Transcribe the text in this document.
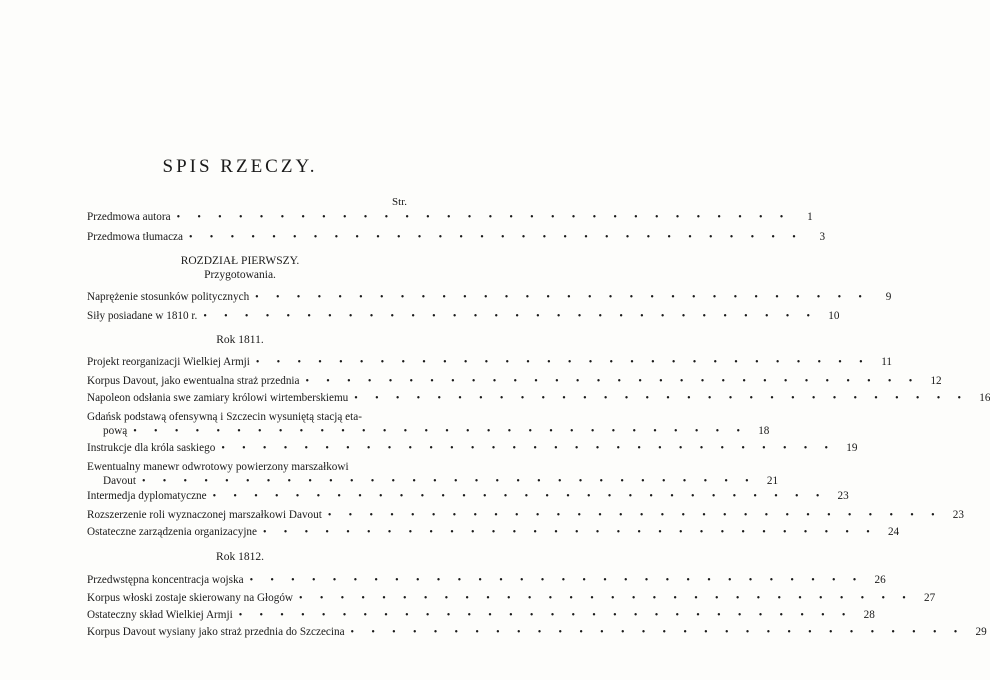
SPIS RZECZY.
Str.
Przedmowa autora • • • • • • • • • • • • • • • • • • • • • • • • • • • • • •	1
Przedmowa tłumacza • • • • • • • • • • • • • • • • • • • • • • • • • • • • • •	3
ROZDZIAŁ PIERWSZY.
Przygotowania.
Naprężenie stosunków politycznych • • • • • • • • • • • • • • • • • • • • • • • • • • • • • •	9
Siły posiadane w 1810 r. • • • • • • • • • • • • • • • • • • • • • • • • • • • • • • 10
Rok 1811.
Projekt reorganizacji Wielkiej Armji • • • • • • • • • • • • • • • • • • • • • • • • • • • • • •	11
Korpus Davout, jako ewentualna straż przednia • • • • • • • • • • • • • • • • • • • • • • • • • • • • • • 12
Napoleon odsłania swe zamiary królowi wirtemberskiemu • • • • • • • • • • • • • • • • • • • • • • • • • • • • • • 16
Gdańsk podstawą ofensywną i Szczecin wysuniętą stacją eta-
pową • • • • • • • • • • • • • • • • • • • • • • • • • • • • • • 18
Instrukcje dla króla saskiego • • • • • • • • • • • • • • • • • • • • • • • • • • • • • • 19
Ewentualny manewr odwrotowy powierzony marszałkowi
Davout • • • • • • • • • • • • • • • • • • • • • • • • • • • • • • 21
Intermedja dyplomatyczne • • • • • • • • • • • • • • • • • • • • • • • • • • • • • • 23
Rozszerzenie roli wyznaczonej marszałkowi Davout • • • • • • • • • • • • • • • • • • • • • • • • • • • • • • 23
Ostateczne zarządzenia organizacyjne • • • • • • • • • • • • • • • • • • • • • • • • • • • • • • 24
Rok 1812.
Przedwstępna koncentracja wojska • • • • • • • • • • • • • • • • • • • • • • • • • • • • • • 26
Korpus włoski zostaje skierowany na Głogów • • • • • • • • • • • • • • • • • • • • • • • • • • • • • • 27
Ostateczny skład Wielkiej Armji • • • • • • • • • • • • • • • • • • • • • • • • • • • • • • 28
Korpus Davout wysiany jako straż przednia do Szczecina • • • • • • • • • • • • • • • • • • • • • • • • • • • • • • 29
